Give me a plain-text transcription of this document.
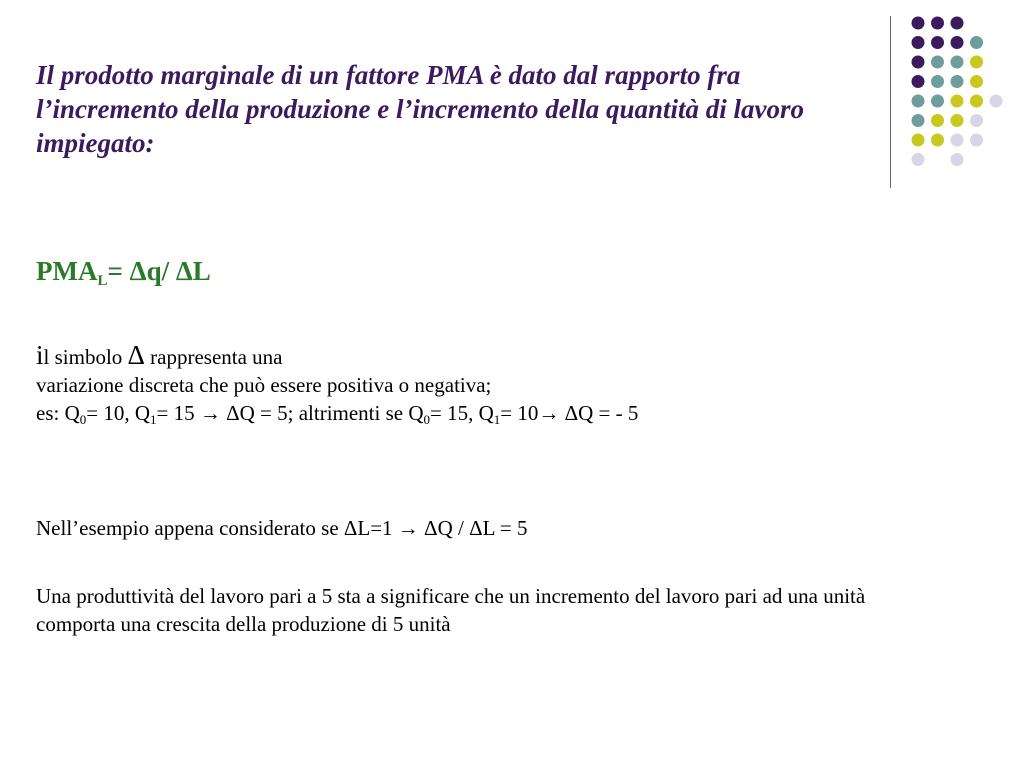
Il prodotto marginale di un fattore PMA è dato dal rapporto fra l’incremento della produzione e l’incremento della quantità di lavoro impiegato:

$PMA_L= \Delta q/$ ΔL

il simbolo Δ rappresenta una
variazione discreta che può essere positiva o negativa;
es: $Q_0= 10$, $Q_1= 15 \to \Delta Q = 5$; altrimenti se $Q_0= 15$, $Q_1= 10\to \Delta Q$ = - 5

Nell’esempio appena considerato se ΔL=1 → ΔQ / ΔL = 5

Una produttività del lavoro pari a 5 sta a significare che un incremento del lavoro pari ad una unità comporta una crescita della produzione di 5 unità
